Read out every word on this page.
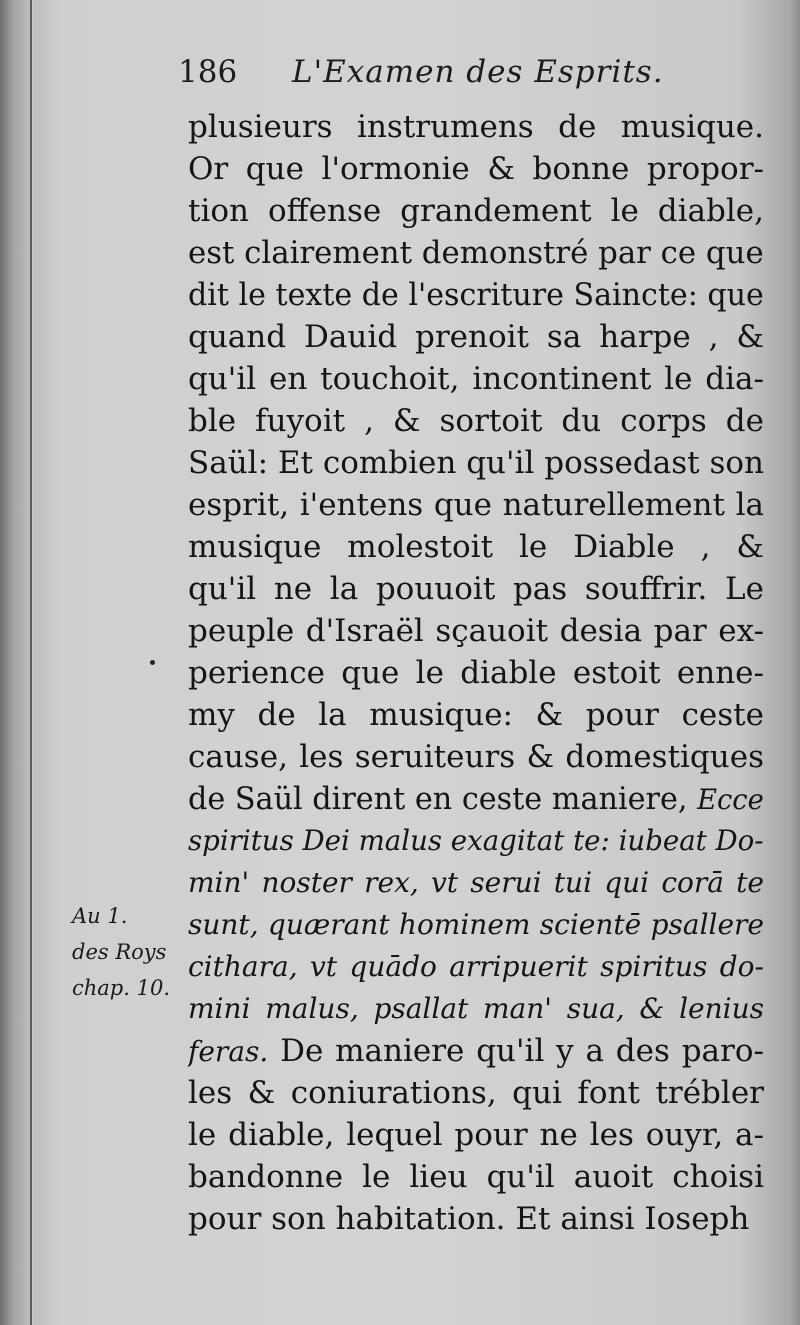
186 L'Examen des Esprits.
plusieurs instrumens de musique.
Or que l'ormonie & bonne propor-
tion offense grandement le diable,
est clairement demonstré par ce que
dit le texte de l'escriture Saincte: que
quand Dauid prenoit sa harpe , &
qu'il en touchoit, incontinent le dia-
ble fuyoit , & sortoit du corps de
Saül: Et combien qu'il possedast son
esprit, i'entens que naturellement la
musique molestoit le Diable , &
qu'il ne la pouuoit pas souffrir. Le
peuple d'Israël sçauoit desia par ex-
perience que le diable estoit enne-
my de la musique: & pour ceste
cause, les seruiteurs & domestiques
de Saül dirent en ceste maniere, Ecce
spiritus Dei malus exagitat te: iubeat Do-
min' noster rex, vt serui tui qui corā te
sunt, quærant hominem scientē psallere
cithara, vt quādo arripuerit spiritus do-
mini malus, psallat man' sua, & lenius
feras. De maniere qu'il y a des paro-
les & coniurations, qui font trébler
le diable, lequel pour ne les ouyr, a-
bandonne le lieu qu'il auoit choisi
pour son habitation. Et ainsi Ioseph
Au 1.
des Roys
chap. 10.
